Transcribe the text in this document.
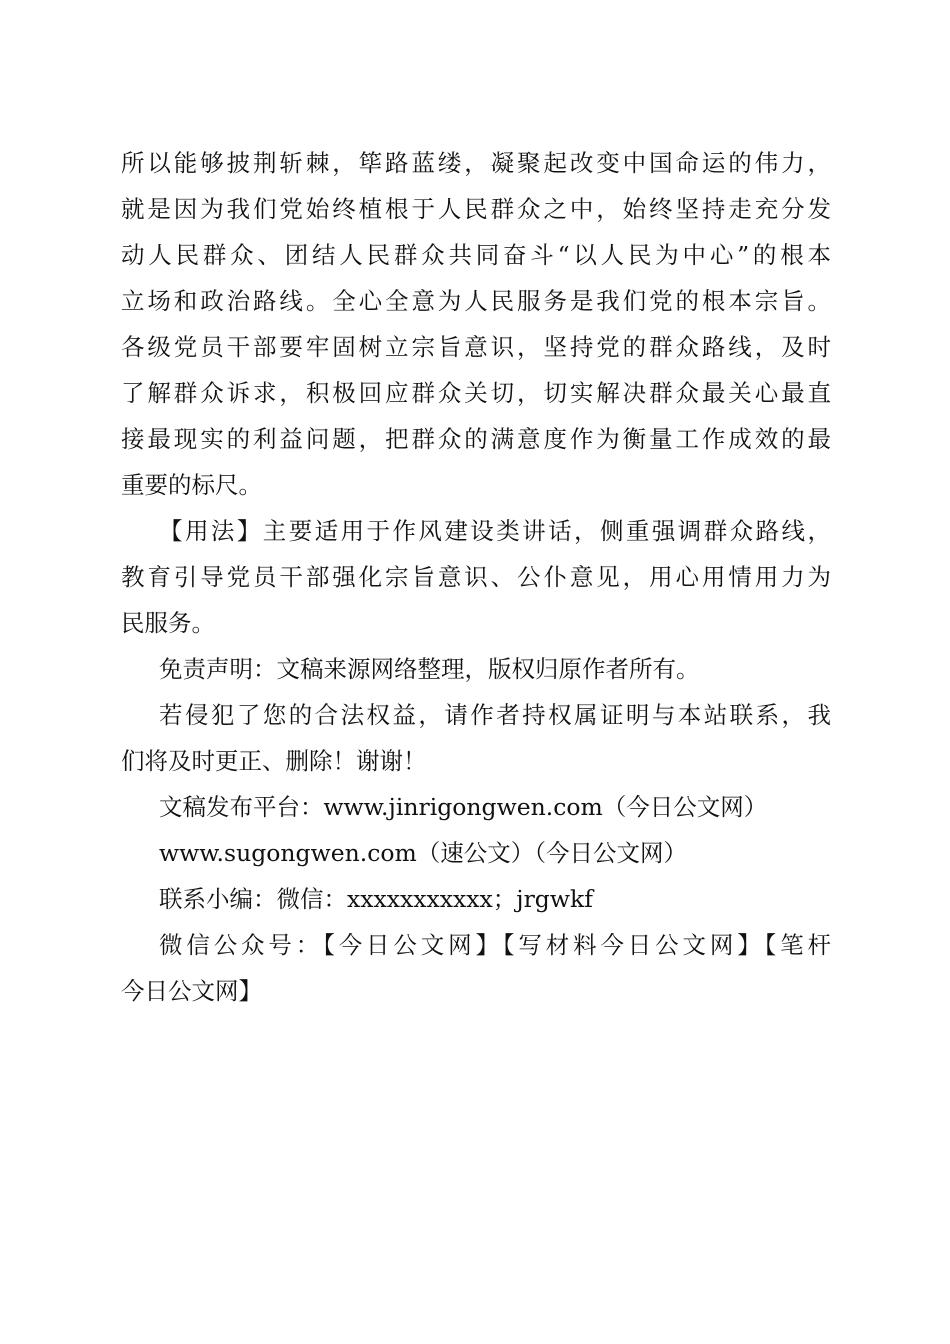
所以能够披荆斩棘，筚路蓝缕，凝聚起改变中国命运的伟力，
就是因为我们党始终植根于人民群众之中，始终坚持走充分发
动人民群众、团结人民群众共同奋斗“以人民为中心”的根本
立场和政治路线。全心全意为人民服务是我们党的根本宗旨。
各级党员干部要牢固树立宗旨意识，坚持党的群众路线，及时
了解群众诉求，积极回应群众关切，切实解决群众最关心最直
接最现实的利益问题，把群众的满意度作为衡量工作成效的最
重要的标尺。
【用法】主要适用于作风建设类讲话，侧重强调群众路线，
教育引导党员干部强化宗旨意识、公仆意见，用心用情用力为
民服务。
免责声明：文稿来源网络整理，版权归原作者所有。
若侵犯了您的合法权益，请作者持权属证明与本站联系，我
们将及时更正、删除！谢谢！
文稿发布平台：www.jinrigongwen.com（今日公文网）
www.sugongwen.com（速公文）（今日公文网）
联系小编：微信：xxxxxxxxxxx；jrgwkf
微信公众号：【今日公文网】【写材料今日公文网】【笔杆
今日公文网】
